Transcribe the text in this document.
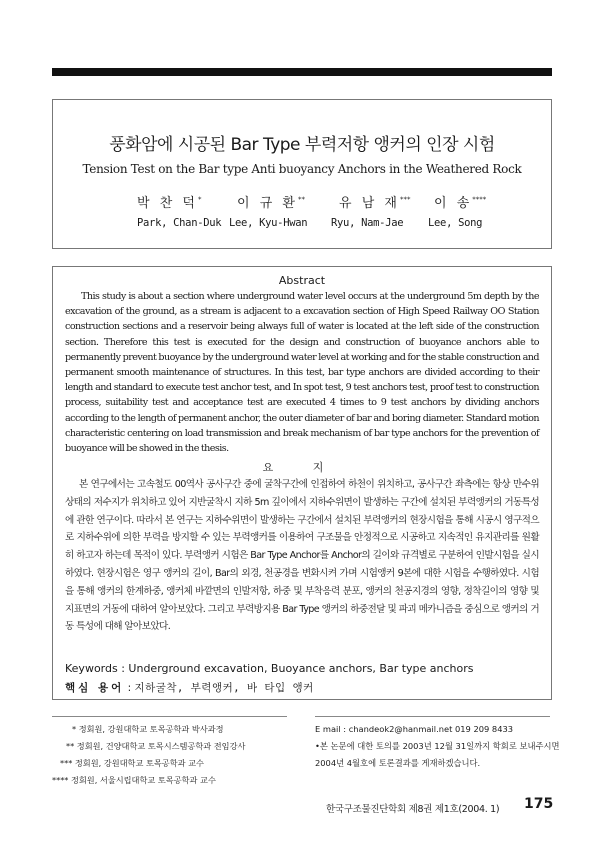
풍화암에 시공된 Bar Type 부력저항 앵커의 인장 시험
Tension Test on the Bar type Anti buoyancy Anchors in the Weathered Rock
박 찬 덕*
Park, Chan-Duk
이 규 환**
Lee, Kyu-Hwan
유 남 재***
Ryu, Nam-Jae
이 송****
Lee, Song
Abstract
This study is about a section where underground water level occurs at the underground 5m depth by the excavation of the ground, as a stream is adjacent to a excavation section of High Speed Railway OO Station construction sections and a reservoir being always full of water is located at the left side of the construction section. Therefore this test is executed for the design and construction of buoyance anchors able to permanently prevent buoyance by the underground water level at working and for the stable construction and permanent smooth maintenance of structures. In this test, bar type anchors are divided according to their length and standard to execute test anchor test, and In spot test, 9 test anchors test, proof test to construction process, suitability test and acceptance test are executed 4 times to 9 test anchors by dividing anchors according to the length of permanent anchor, the outer diameter of bar and boring diameter. Standard motion characteristic centering on load transmission and break mechanism of bar type anchors for the prevention of buoyance will be showed in the thesis.
요 지
본 연구에서는 고속철도 00역사 공사구간 중에 굴착구간에 인접하여 하천이 위치하고, 공사구간 좌측에는 항상 만수위 상태의 저수지가 위치하고 있어 지반굴착시 지하 5m 깊이에서 지하수위면이 발생하는 구간에 설치된 부력앵커의 거동특성에 관한 연구이다. 따라서 본 연구는 지하수위면이 발생하는 구간에서 설치된 부력앵커의 현장시험을 통해 시공시 영구적으로 지하수위에 의한 부력을 방지할 수 있는 부력앵커를 이용하여 구조물을 안정적으로 시공하고 지속적인 유지관리를 원활히 하고자 하는데 목적이 있다. 부력앵커 시험은 Bar Type Anchor를 Anchor의 길이와 규격별로 구분하여 인발시험을 실시하였다. 현장시험은 영구 앵커의 길이, Bar의 외경, 천공경을 변화시켜 가며 시험앵커 9본에 대한 시험을 수행하였다. 시험을 통해 앵커의 한계하중, 앵커체 바깥면의 인발저항, 하중 및 부착응력 분포, 앵커의 천공지경의 영향, 정착길이의 영향 및 지표면의 거동에 대하여 알아보았다. 그리고 부력방지용 Bar Type 앵커의 하중전달 및 파괴 메카니즘을 중심으로 앵커의 거동 특성에 대해 알아보았다.
Keywords : Underground excavation, Buoyance anchors, Bar type anchors
핵심 용어 : 지하굴착, 부력앵커, 바 타입 앵커
* 정회원, 강원대학교 토목공학과 박사과정
** 정회원, 건양대학교 토목시스템공학과 전임강사
*** 정회원, 강원대학교 토목공학과 교수
**** 정회원, 서울시립대학교 토목공학과 교수
E mail : chandeok2@hanmail.net 019 209 8433
•본 논문에 대한 토의를 2003년 12월 31일까지 학회로 보내주시면 2004년 4월호에 토론결과를 게재하겠습니다.
한국구조물진단학회 제8권 제1호(2004. 1) 175
